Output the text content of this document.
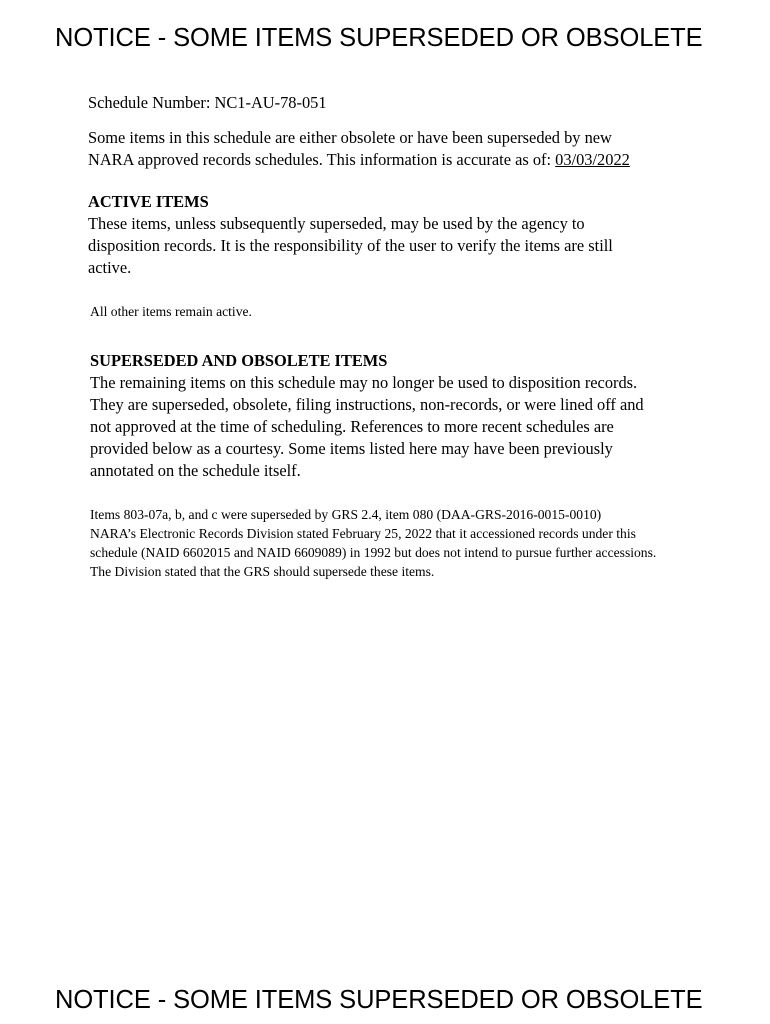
NOTICE - SOME ITEMS SUPERSEDED OR OBSOLETE
Schedule Number: NC1-AU-78-051
Some items in this schedule are either obsolete or have been superseded by new
NARA approved records schedules. This information is accurate as of: 03/03/2022
ACTIVE ITEMS
These items, unless subsequently superseded, may be used by the agency to
disposition records. It is the responsibility of the user to verify the items are still
active.
All other items remain active.
SUPERSEDED AND OBSOLETE ITEMS
The remaining items on this schedule may no longer be used to disposition records.
They are superseded, obsolete, filing instructions, non-records, or were lined off and
not approved at the time of scheduling. References to more recent schedules are
provided below as a courtesy. Some items listed here may have been previously
annotated on the schedule itself.
Items 803-07a, b, and c were superseded by GRS 2.4, item 080 (DAA-GRS-2016-0015-0010)
NARA’s Electronic Records Division stated February 25, 2022 that it accessioned records under this
schedule (NAID 6602015 and NAID 6609089) in 1992 but does not intend to pursue further accessions.
The Division stated that the GRS should supersede these items.
NOTICE - SOME ITEMS SUPERSEDED OR OBSOLETE
